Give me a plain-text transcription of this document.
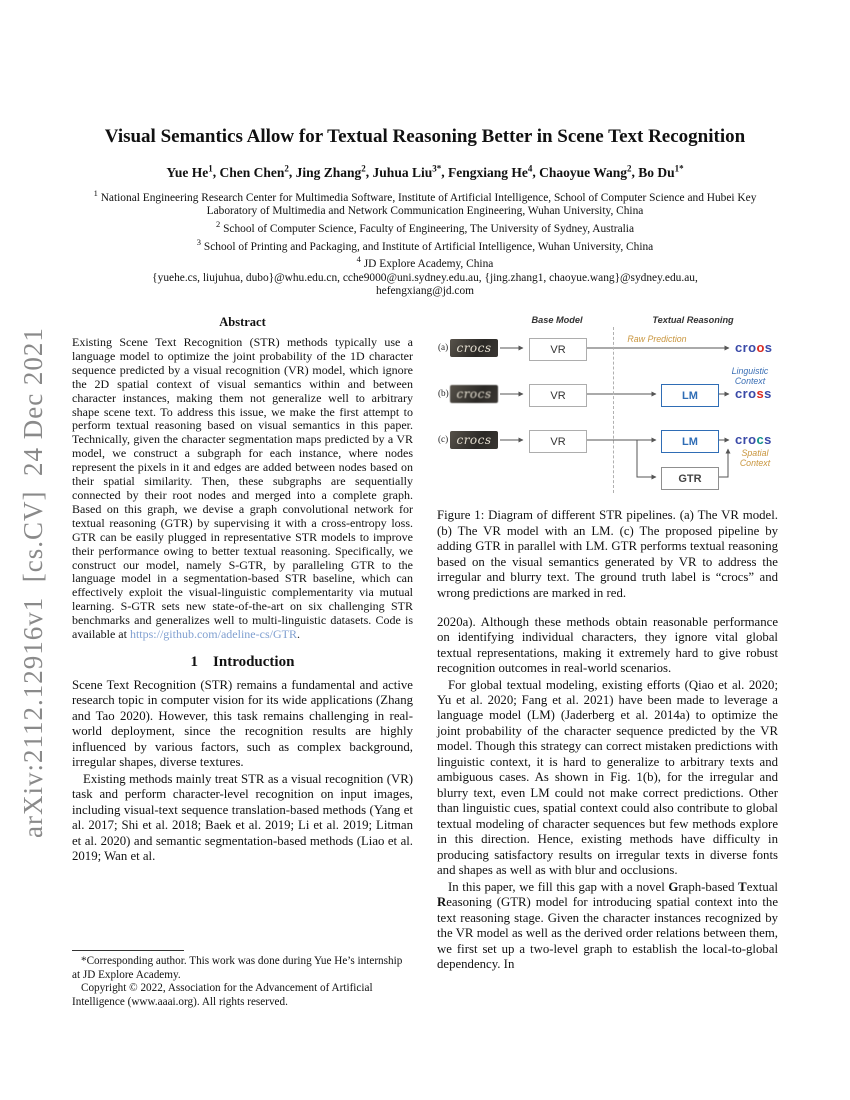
arXiv:2112.12916v1 [cs.CV] 24 Dec 2021
Visual Semantics Allow for Textual Reasoning Better in Scene Text Recognition
Yue He$^1$, Chen Chen$^2$, Jing Zhang$^2$, Juhua Liu$^{3*}$, Fengxiang He$^4$, Chaoyue Wang$^2$, Bo $Du^{1*}$
$^1$ National Engineering Research Center for Multimedia Software, Institute of Artificial Intelligence, School of Computer Science and Hubei Key Laboratory of Multimedia and Network Communication Engineering, Wuhan University, China
$^2$ School of Computer Science, Faculty of Engineering, The University of Sydney, Australia
$^3$ School of Printing and Packaging, and Institute of Artificial Intelligence, Wuhan University, China
$^4$ JD Explore Academy, China
{yuehe.cs, liujuhua, dubo}@whu.edu.cn, cche9000@uni.sydney.edu.au, {jing.zhang1, chaoyue.wang}@sydney.edu.au,
hefengxiang@jd.com
Abstract

Existing Scene Text Recognition (STR) methods typically use a language model to optimize the joint probability of the 1D character sequence predicted by a visual recognition (VR) model, which ignore the 2D spatial context of visual semantics within and between character instances, making them not generalize well to arbitrary shape scene text. To address this issue, we make the first attempt to perform textual reasoning based on visual semantics in this paper. Technically, given the character segmentation maps predicted by a VR model, we construct a subgraph for each instance, where nodes represent the pixels in it and edges are added between nodes based on their spatial similarity. Then, these subgraphs are sequentially connected by their root nodes and merged into a complete graph. Based on this graph, we devise a graph convolutional network for textual reasoning (GTR) by supervising it with a cross-entropy loss. GTR can be easily plugged in representative STR models to improve their performance owing to better textual reasoning. Specifically, we construct our model, namely S-GTR, by paralleling GTR to the language model in a segmentation-based STR baseline, which can effectively exploit the visual-linguistic complementarity via mutual learning. S-GTR sets new state-of-the-art on six challenging STR benchmarks and generalizes well to multi-linguistic datasets. Code is available at https://github.com/adeline-cs/GTR.

1 Introduction

Scene Text Recognition (STR) remains a fundamental and active research topic in computer vision for its wide applications (Zhang and Tao 2020). However, this task remains challenging in real-world deployment, since the recognition results are highly influenced by various factors, such as complex background, irregular shapes, diverse textures.

Existing methods mainly treat STR as a visual recognition (VR) task and perform character-level recognition on input images, including visual-text sequence translation-based methods (Yang et al. 2017; Shi et al. 2018; Baek et al. 2019; Li et al. 2019; Litman et al. 2020) and semantic segmentation-based methods (Liao et al. 2019; Wan et al.

Base Model	Textual Reasoning
(a) crocs	VR
Raw Prediction
croos
(b) crocs	VR	LM
Linguistic Context
cross
(c) crocs	VR	LM
GTR
Spatial Context
crocs
Figure 1: Diagram of different STR pipelines. (a) The VR model. (b) The VR model with an LM. (c) The proposed pipeline by adding GTR in parallel with LM. GTR performs textual reasoning based on the visual semantics generated by VR to address the irregular and blurry text. The ground truth label is “crocs” and wrong predictions are marked in red.

2020a). Although these methods obtain reasonable performance on identifying individual characters, they ignore vital global textual representations, making it extremely hard to give robust recognition outcomes in real-world scenarios.

For global textual modeling, existing efforts (Qiao et al. 2020; Yu et al. 2020; Fang et al. 2021) have been made to leverage a language model (LM) (Jaderberg et al. 2014a) to optimize the joint probability of the character sequence predicted by the VR model. Though this strategy can correct mistaken predictions with linguistic context, it is hard to generalize to arbitrary texts and ambiguous cases. As shown in Fig. 1(b), for the irregular and blurry text, even LM could not make correct predictions. Other than linguistic cues, spatial context could also contribute to global textual modeling of character sequences but few methods explore in this direction. Hence, existing methods have difficulty in producing satisfactory results on irregular texts in diverse fonts and shapes as well as with blur and occlusions.

In this paper, we fill this gap with a novel Graph-based Textual Reasoning (GTR) model for introducing spatial context into the text reasoning stage. Given the character instances recognized by the VR model as well as the derived order relations between them, we first set up a two-level graph to establish the local-to-global dependency. In

*Corresponding author. This work was done during Yue He’s internship at JD Explore Academy.

Copyright © 2022, Association for the Advancement of Artificial Intelligence (www.aaai.org). All rights reserved.
